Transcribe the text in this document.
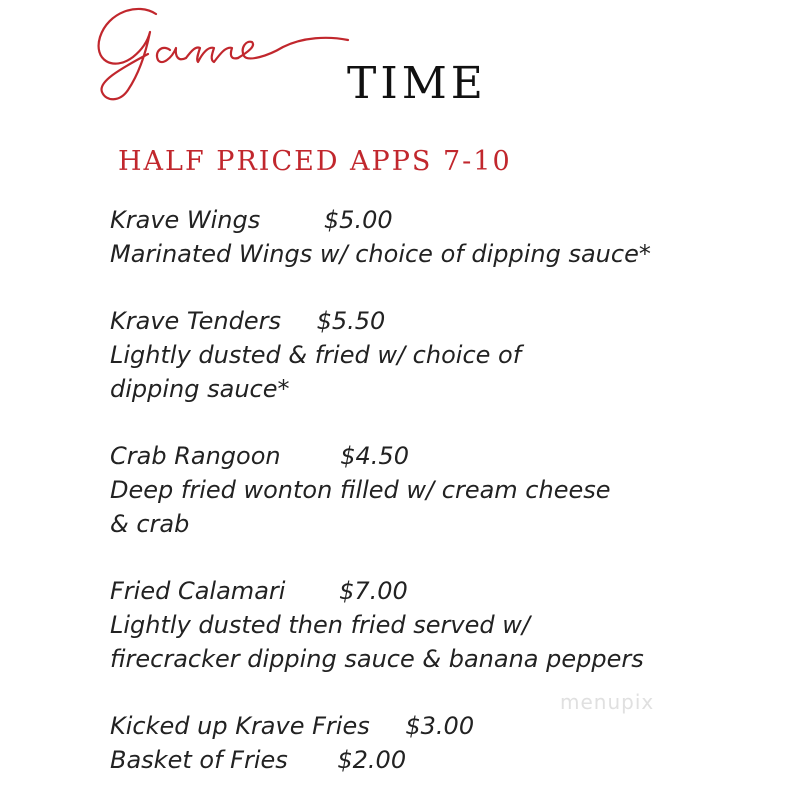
TIME
HALF PRICED APPS 7-10
Krave Wings	$5.00
Marinated Wings w/ choice of dipping sauce*
Krave Tenders $5.50
Lightly dusted & fried w/ choice of dipping sauce*
Crab Rangoon $4.50
Deep fried wonton filled w/ cream cheese & crab
Fried Calamari $7.00
Lightly dusted then fried served w/ firecracker dipping sauce & banana peppers
Kicked up Krave Fries $3.00
Basket of Fries $2.00
menupix
